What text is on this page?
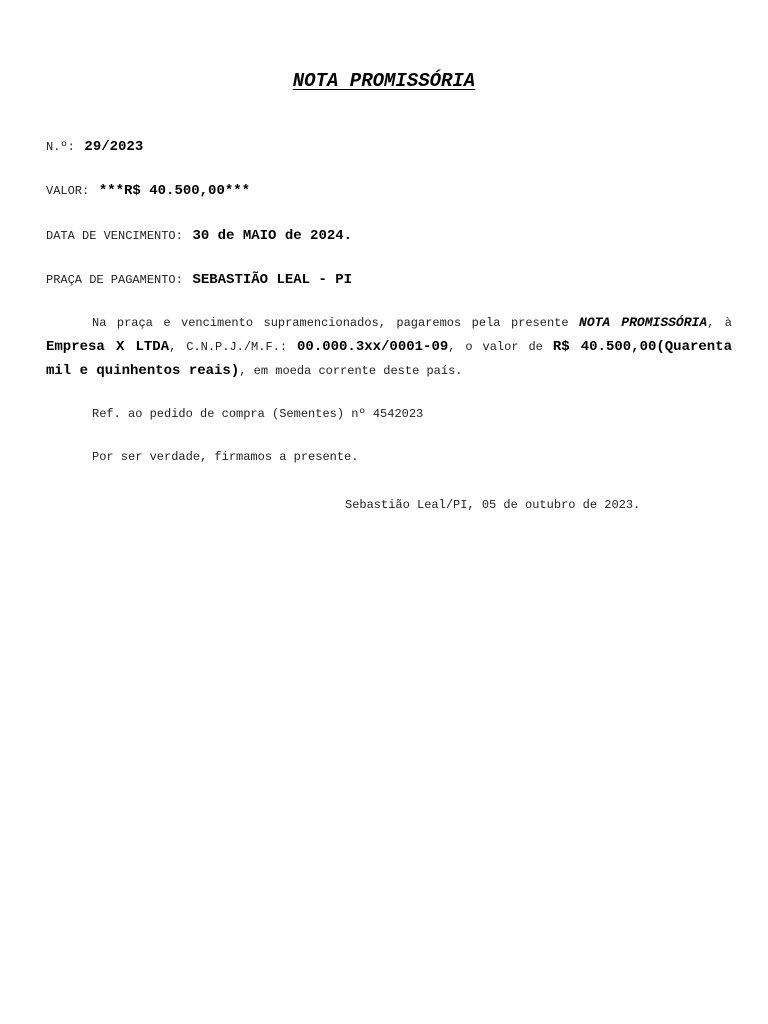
NOTA PROMISSÓRIA
N.º: 29/2023
VALOR: ***R$ 40.500,00***
DATA DE VENCIMENTO: 30 de MAIO de 2024.
PRAÇA DE PAGAMENTO: SEBASTIÃO LEAL - PI
Na praça e vencimento supramencionados, pagaremos pela presente NOTA PROMISSÓRIA, à Empresa X LTDA, C.N.P.J./M.F.: 00.000.3xx/0001-09, o valor de R$ 40.500,00(Quarenta mil e quinhentos reais), em moeda corrente deste país.
Ref. ao pedido de compra (Sementes) nº 4542023
Por ser verdade, firmamos a presente.
Sebastião Leal/PI, 05 de outubro de 2023.
